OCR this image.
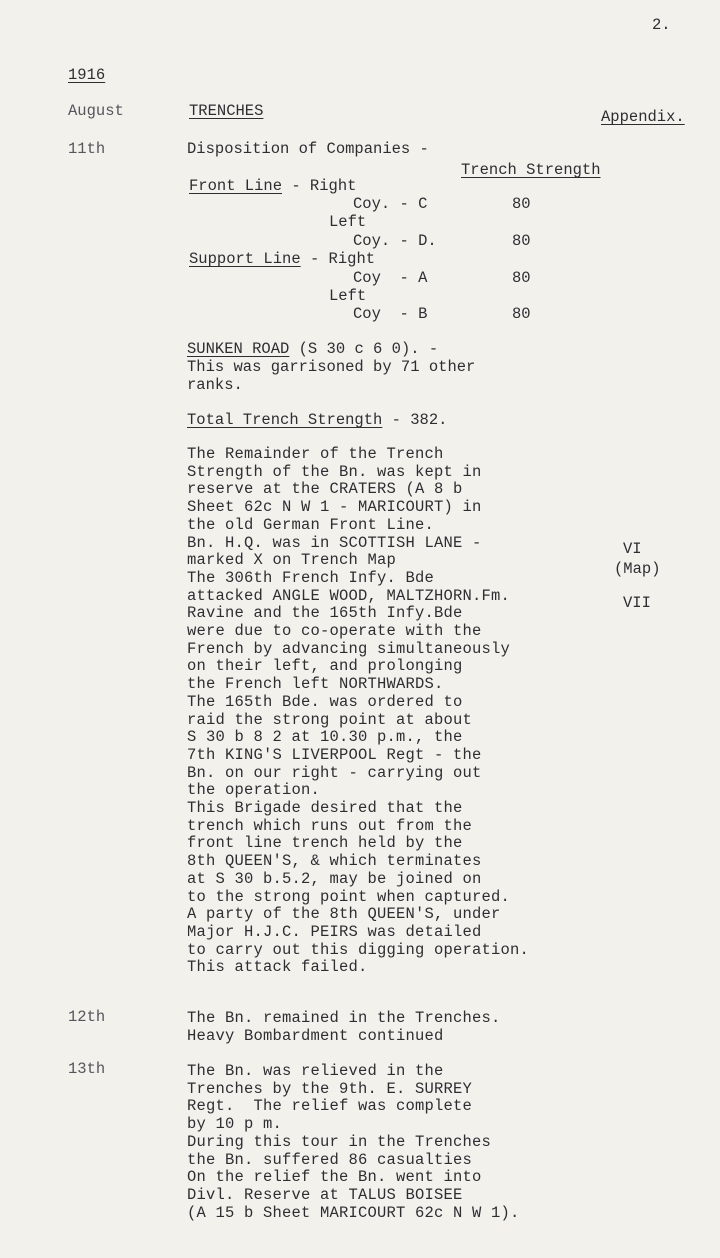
2.
1916
August	TRENCHES	Appendix.
11th	Disposition of Companies -
Trench Strength
Front Line - Right
Coy. - C	80
Left
Coy. - D.	80
Support Line - Right
Coy  - A	80
Left
Coy  - B	80
SUNKEN ROAD (S 30 c 6 0). -
This was garrisoned by 71 other
ranks.
Total Trench Strength - 382.
The Remainder of the Trench
Strength of the Bn. was kept in
reserve at the CRATERS (A 8 b
Sheet 62c N W 1 - MARICOURT) in
the old German Front Line.
Bn. H.Q. was in SCOTTISH LANE -
marked X on Trench Map
The 306th French Infy. Bde
attacked ANGLE WOOD, MALTZHORN.Fm.
Ravine and the 165th Infy.Bde
were due to co-operate with the
French by advancing simultaneously
on their left, and prolonging
the French left NORTHWARDS.
The 165th Bde. was ordered to
raid the strong point at about
S 30 b 8 2 at 10.30 p.m., the
7th KING'S LIVERPOOL Regt - the
Bn. on our right - carrying out
the operation.
This Brigade desired that the
trench which runs out from the
front line trench held by the
8th QUEEN'S, & which terminates
at S 30 b.5.2, may be joined on
to the strong point when captured.
A party of the 8th QUEEN'S, under
Major H.J.C. PEIRS was detailed
to carry out this digging operation.
This attack failed.
VI
(Map)
VII
12th	The Bn. remained in the Trenches.
Heavy Bombardment continued
13th	The Bn. was relieved in the
Trenches by the 9th. E. SURREY
Regt.  The relief was complete
by 10 p m.
During this tour in the Trenches
the Bn. suffered 86 casualties
On the relief the Bn. went into
Divl. Reserve at TALUS BOISEE
(A 15 b Sheet MARICOURT 62c N W 1).
